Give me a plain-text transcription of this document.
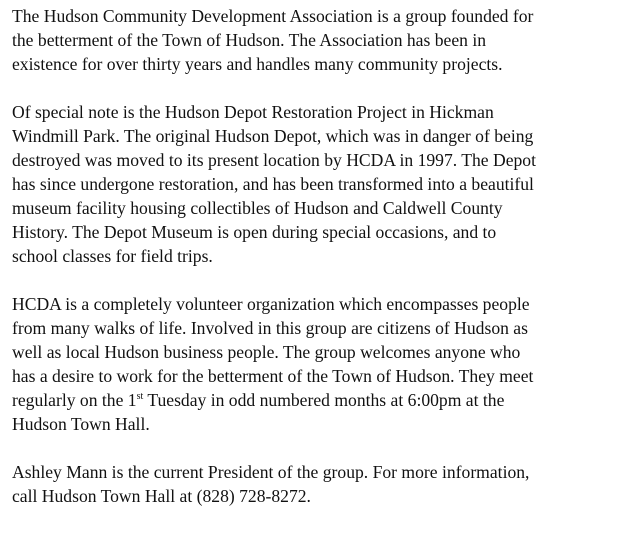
The Hudson Community Development Association is a group founded for
the betterment of the Town of Hudson. The Association has been in
existence for over thirty years and handles many community projects.

Of special note is the Hudson Depot Restoration Project in Hickman
Windmill Park. The original Hudson Depot, which was in danger of being
destroyed was moved to its present location by HCDA in 1997. The Depot
has since undergone restoration, and has been transformed into a beautiful
museum facility housing collectibles of Hudson and Caldwell County
History. The Depot Museum is open during special occasions, and to
school classes for field trips.

HCDA is a completely volunteer organization which encompasses people
from many walks of life. Involved in this group are citizens of Hudson as
well as local Hudson business people. The group welcomes anyone who
has a desire to work for the betterment of the Town of Hudson. They meet
regularly on the 1st Tuesday in odd numbered months at 6:00pm at the
Hudson Town Hall.

Ashley Mann is the current President of the group. For more information,
call Hudson Town Hall at (828) 728-8272.
